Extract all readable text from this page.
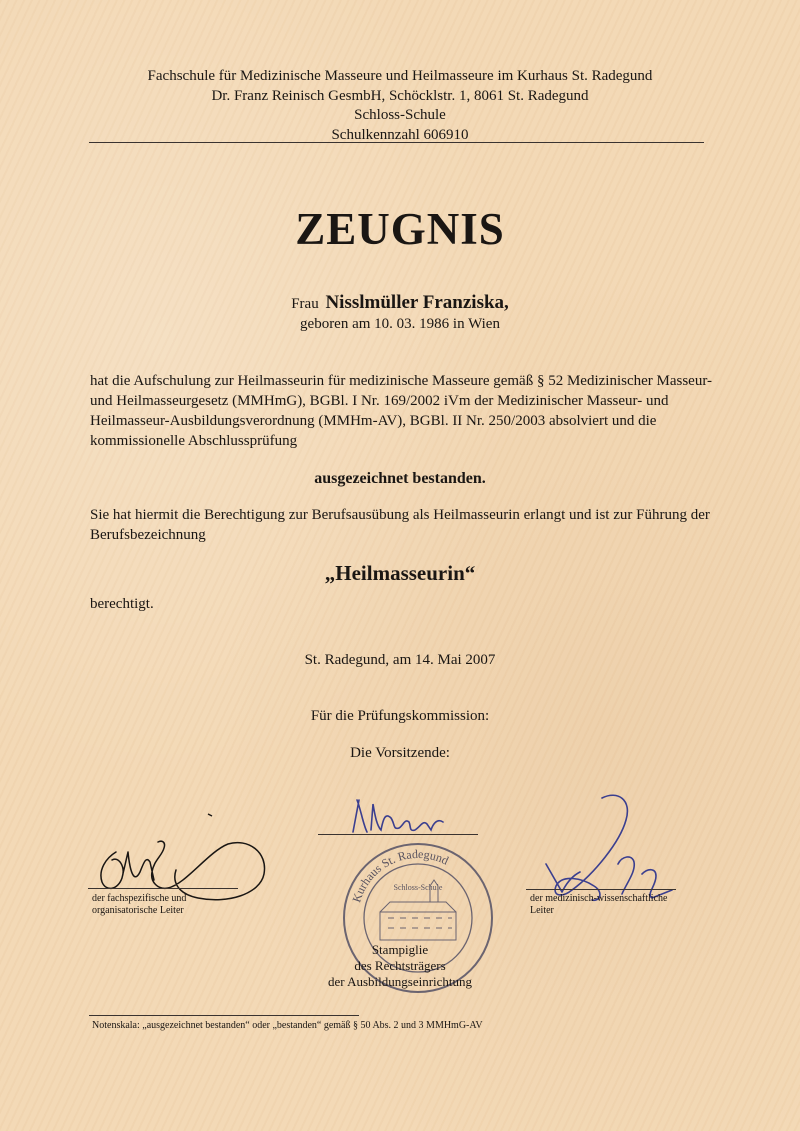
Fachschule für Medizinische Masseure und Heilmasseure im Kurhaus St. Radegund
Dr. Franz Reinisch GesmbH, Schöcklstr. 1, 8061 St. Radegund
Schloss-Schule
Schulkennzahl 606910
ZEUGNIS
Frau Nisslmüller Franziska,
geboren am 10. 03. 1986 in Wien
hat die Aufschulung zur Heilmasseurin für medizinische Masseure gemäß § 52 Medizinischer Masseur- und Heilmasseurgesetz (MMHmG), BGBl. I Nr. 169/2002 iVm der Medizinischer Masseur- und Heilmasseur-Ausbildungsverordnung (MMHm-AV), BGBl. II Nr. 250/2003 absolviert und die kommissionelle Abschlussprüfung
ausgezeichnet bestanden.
Sie hat hiermit die Berechtigung zur Berufsausübung als Heilmasseurin erlangt und ist zur Führung der Berufsbezeichnung
„Heilmasseurin“
berechtigt.
St. Radegund, am 14. Mai 2007
Für die Prüfungskommission:
Die Vorsitzende:
der fachspezifische und
organisatorische Leiter
Kurhaus St. Radegund
Schloss-Schule
Stampiglie
des Rechtsträgers
der Ausbildungseinrichtung
der medizinisch-wissenschaftliche
Leiter
Notenskala: „ausgezeichnet bestanden“ oder „bestanden“ gemäß § 50 Abs. 2 und 3 MMHmG-AV
